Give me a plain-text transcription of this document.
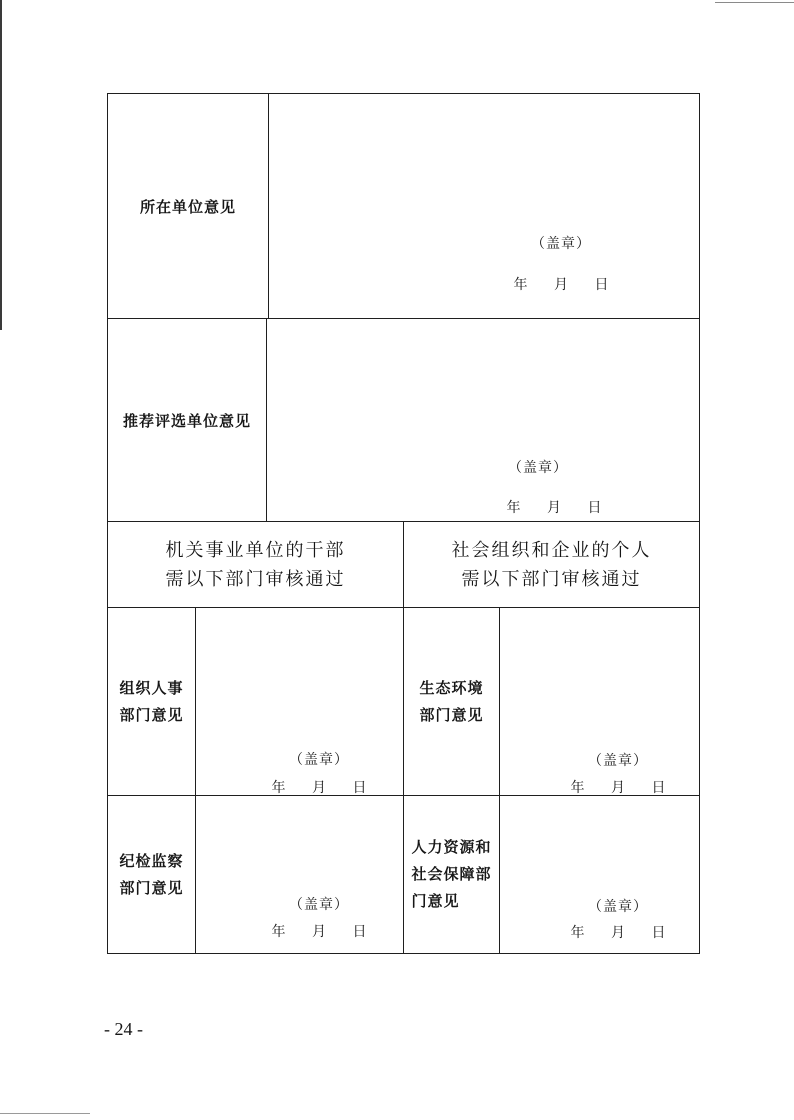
所在单位意见
（盖章）
年 月 日
推荐评选单位意见
（盖章）
年 月 日
机关事业单位的干部
需以下部门审核通过
社会组织和企业的个人
需以下部门审核通过
组织人事
部门意见
（盖章）
年 月 日
生态环境
部门意见
（盖章）
年 月 日
纪检监察
部门意见
（盖章）
年 月 日
人力资源和
社会保障部
门意见	（盖章）
年 月 日
- 24 -
